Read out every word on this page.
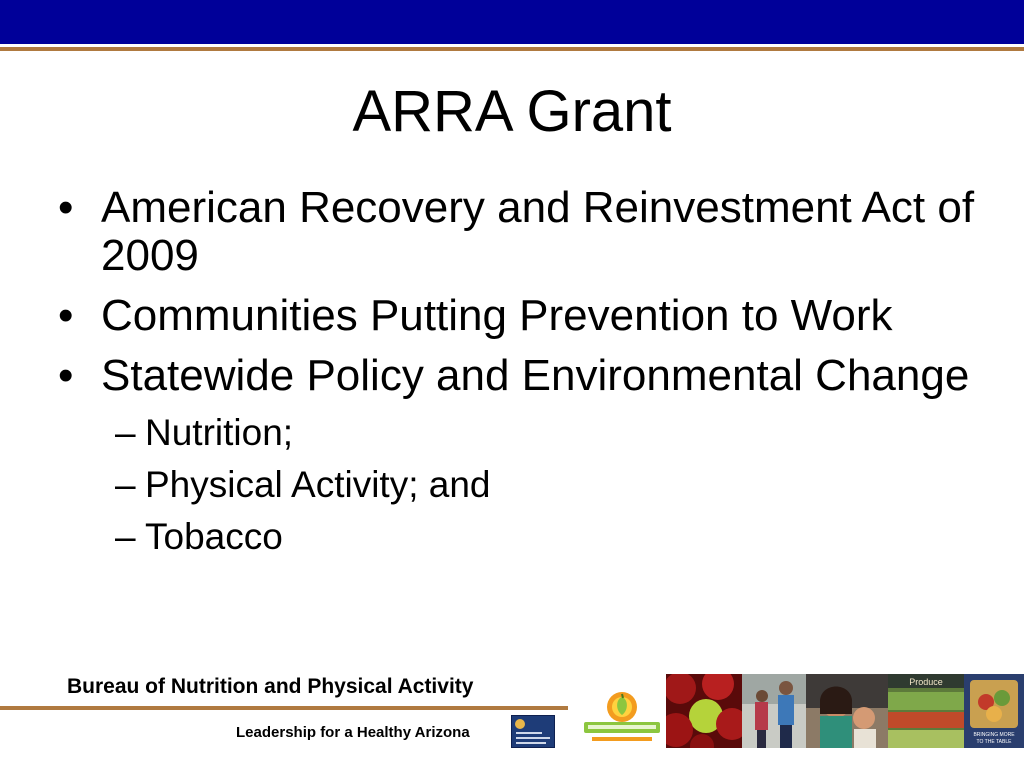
ARRA Grant
• American Recovery and Reinvestment Act of 2009
• Communities Putting Prevention to Work
• Statewide Policy and Environmental Change
– Nutrition;
– Physical Activity; and
– Tobacco
Bureau of Nutrition and Physical Activity
Leadership for a Healthy Arizona
Produce
BRINGING MORE
TO THE TABLE
